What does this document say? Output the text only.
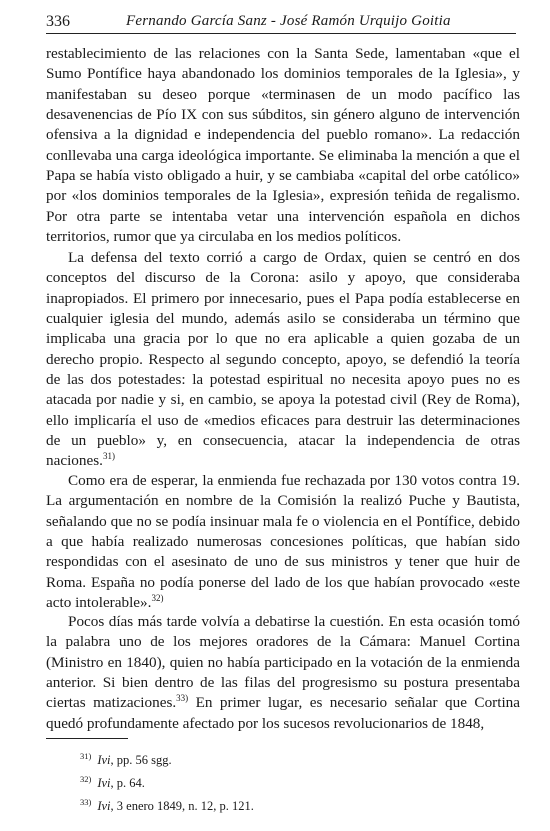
336	Fernando García Sanz - José Ramón Urquijo Goitia

restablecimiento de las relaciones con la Santa Sede, lamentaban «que el Sumo Pontífice haya abandonado los dominios temporales de la Iglesia», y manifestaban su deseo porque «terminasen de un modo pacífico las desavenencias de Pío IX con sus súbditos, sin género alguno de intervención ofensiva a la dignidad e independencia del pueblo romano». La redacción conllevaba una carga ideológica importante. Se eliminaba la mención a que el Papa se había visto obligado a huir, y se cambiaba «capital del orbe católico» por «los dominios temporales de la Iglesia», expresión teñida de regalismo. Por otra parte se intentaba vetar una intervención española en dichos territorios, rumor que ya circulaba en los medios políticos.

La defensa del texto corrió a cargo de Ordax, quien se centró en dos conceptos del discurso de la Corona: asilo y apoyo, que consideraba inapropiados. El primero por innecesario, pues el Papa podía establecerse en cualquier iglesia del mundo, además asilo se consideraba un término que implicaba una gracia por lo que no era aplicable a quien gozaba de un derecho propio. Respecto al segundo concepto, apoyo, se defendió la teoría de las dos potestades: la potestad espiritual no necesita apoyo pues no es atacada por nadie y si, en cambio, se apoya la potestad civil (Rey de Roma), ello implicaría el uso de «medios eficaces para destruir las determinaciones de un pueblo» y, en consecuencia, atacar la independencia de otras naciones.$^{31)}$

Como era de esperar, la enmienda fue rechazada por 130 votos contra 19. La argumentación en nombre de la Comisión la realizó Puche y Bautista, señalando que no se podía insinuar mala fe o violencia en el Pontífice, debido a que había realizado numerosas concesiones políticas, que habían sido respondidas con el asesinato de uno de sus ministros y tener que huir de Roma. España no podía ponerse del lado de los que habían provocado «este acto intolerable».$^{32)}$

Pocos días más tarde volvía a debatirse la cuestión. En esta ocasión tomó la palabra uno de los mejores oradores de la Cámara: Manuel Cortina (Ministro en 1840), quien no había participado en la votación de la enmienda anterior. Si bien dentro de las filas del progresismo su postura presentaba ciertas matizaciones.$^{33)}$ En primer lugar, es necesario señalar que Cortina quedó profundamente afectado por los sucesos revolucionarios de 1848,

$^{31)}$ Ivi, pp. 56 sgg.
$^{32)}$ Ivi, p. 64.
$^{33)}$ Ivi, 3 enero 1849, n. 12, p. 121.
